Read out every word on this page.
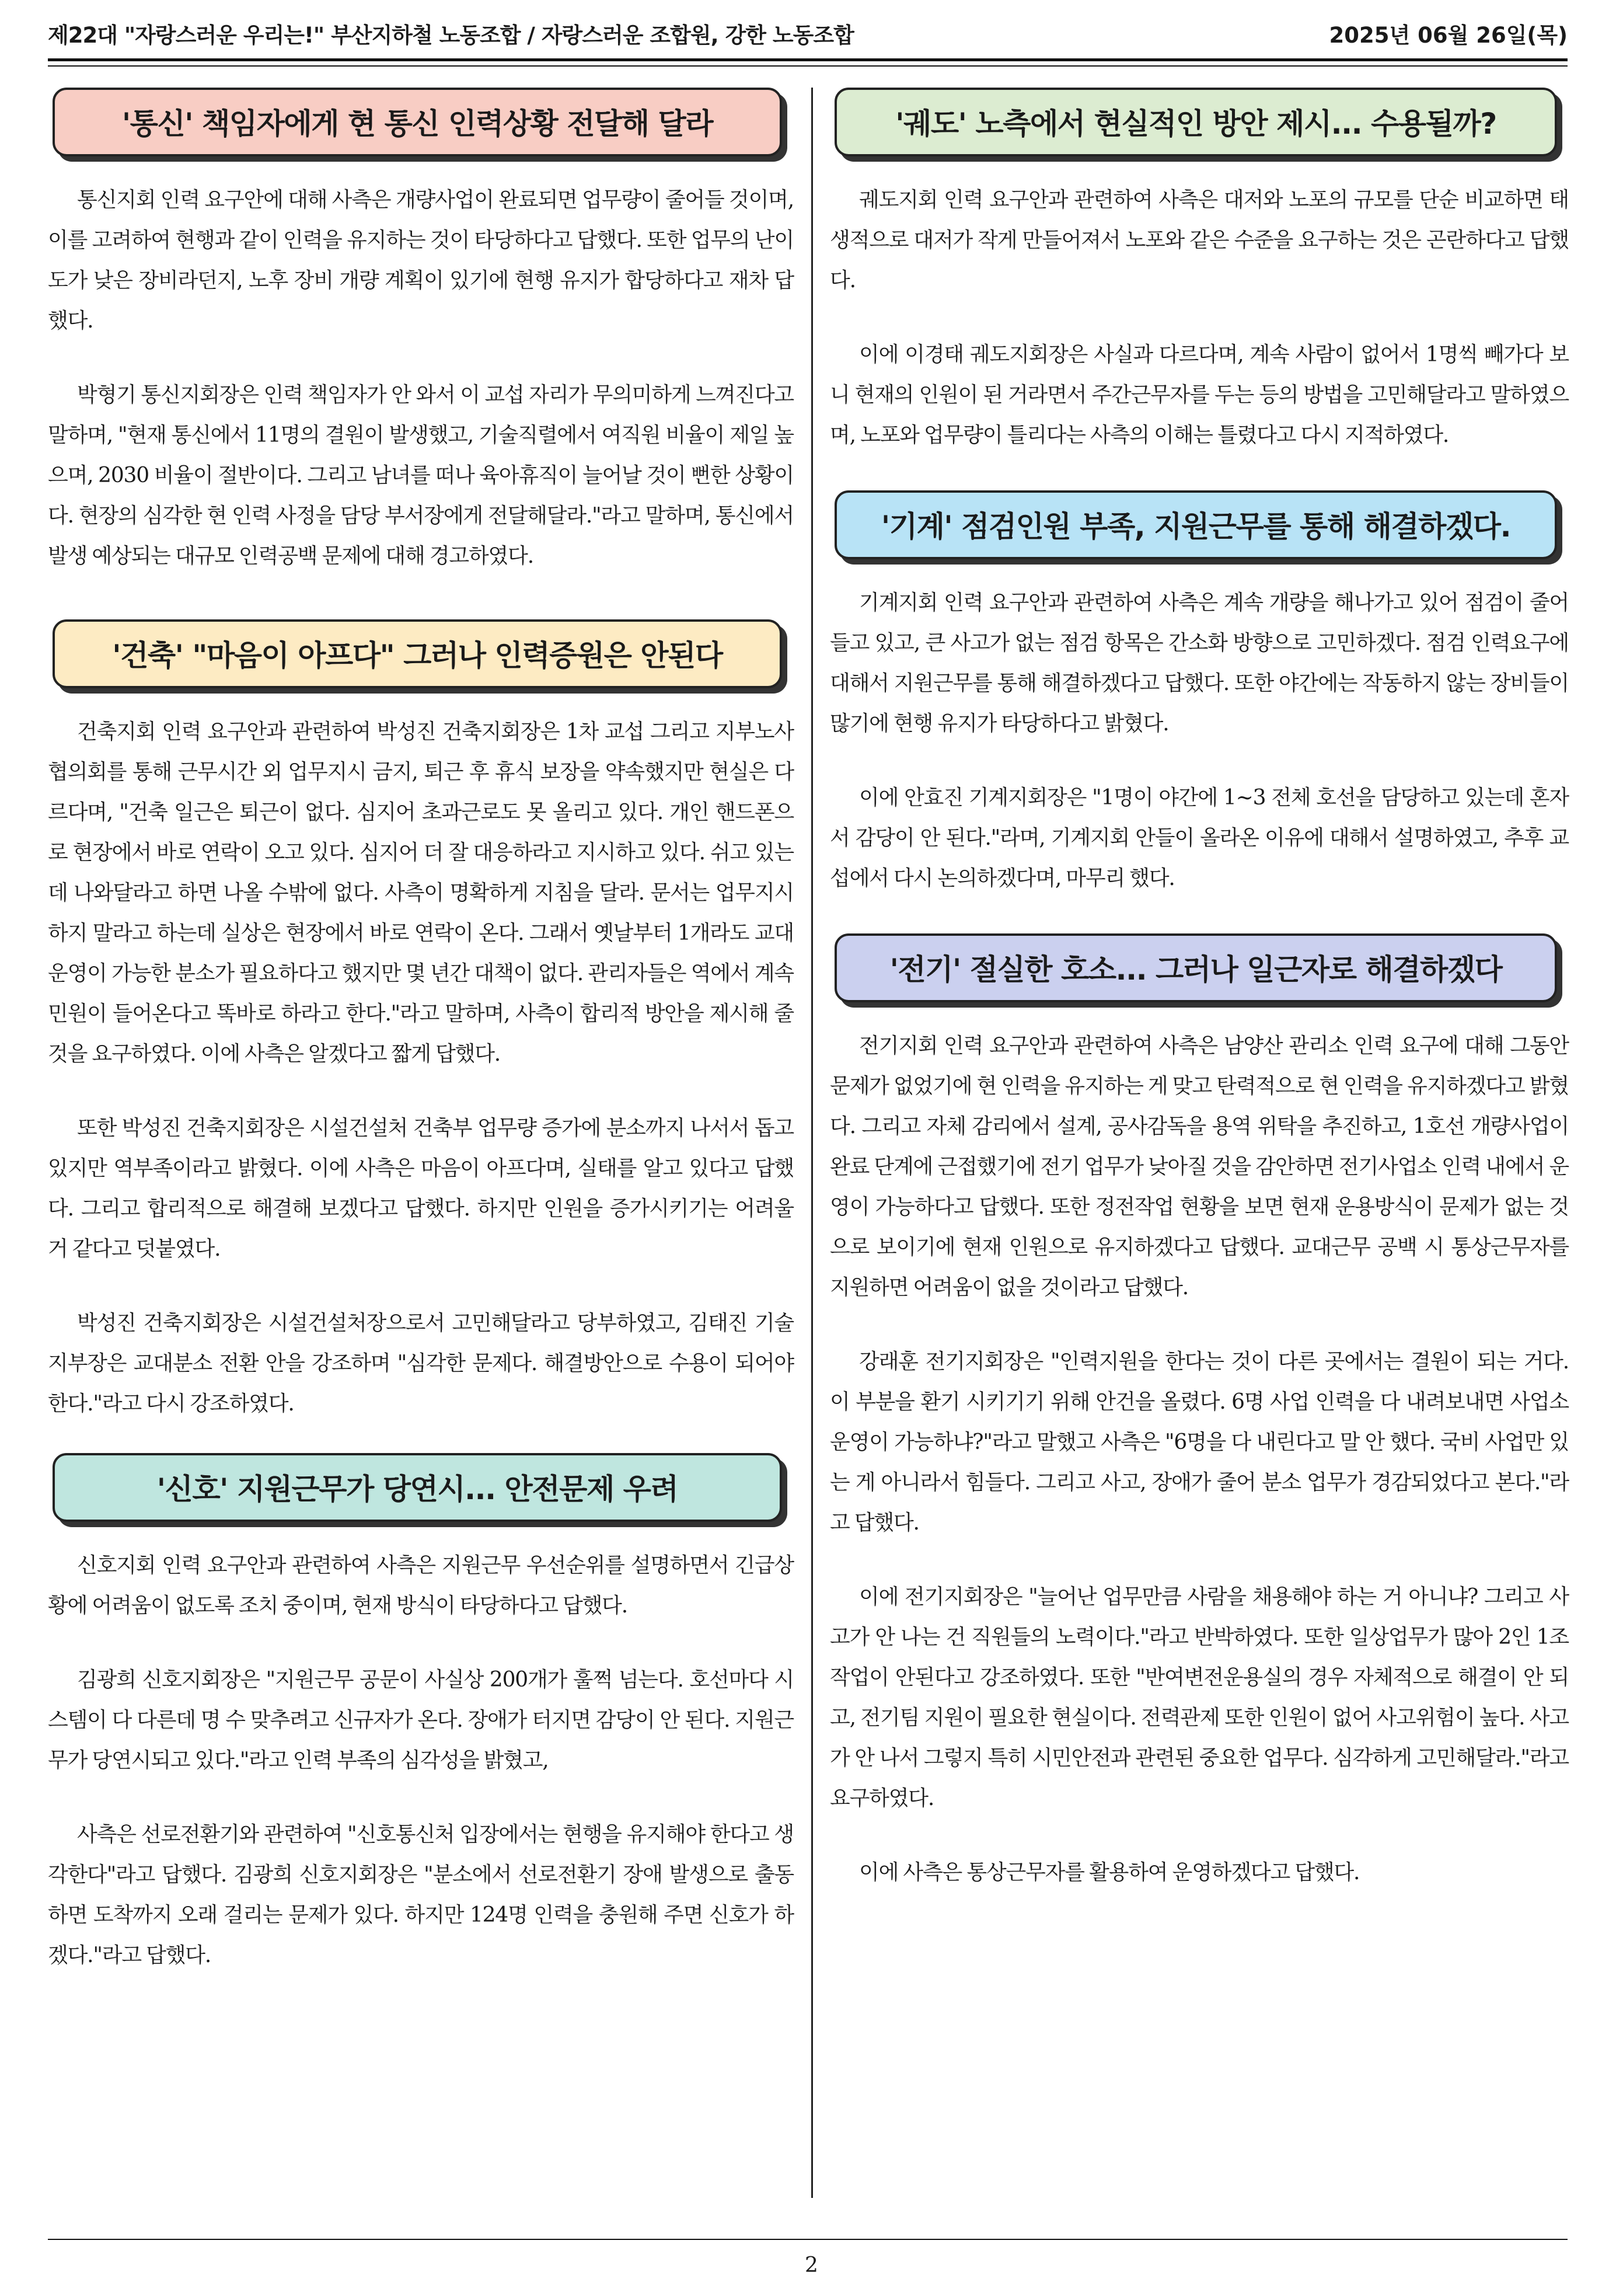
제22대 "자랑스러운 우리는!" 부산지하철 노동조합 / 자랑스러운 조합원, 강한 노동조합	2025년 06월 26일(목)
'통신' 책임자에게 현 통신 인력상황 전달해 달라

통신지회 인력 요구안에 대해 사측은 개량사업이 완료되면 업무량이 줄어들 것이며, 이를 고려하여 현행과 같이 인력을 유지하는 것이 타당하다고 답했다. 또한 업무의 난이도가 낮은 장비라던지, 노후 장비 개량 계획이 있기에 현행 유지가 합당하다고 재차 답했다.

박형기 통신지회장은 인력 책임자가 안 와서 이 교섭 자리가 무의미하게 느껴진다고 말하며, "현재 통신에서 11명의 결원이 발생했고, 기술직렬에서 여직원 비율이 제일 높으며, 2030 비율이 절반이다. 그리고 남녀를 떠나 육아휴직이 늘어날 것이 뻔한 상황이다. 현장의 심각한 현 인력 사정을 담당 부서장에게 전달해달라."라고 말하며, 통신에서 발생 예상되는 대규모 인력공백 문제에 대해 경고하였다.

'건축' "마음이 아프다" 그러나 인력증원은 안된다

건축지회 인력 요구안과 관련하여 박성진 건축지회장은 1차 교섭 그리고 지부노사협의회를 통해 근무시간 외 업무지시 금지, 퇴근 후 휴식 보장을 약속했지만 현실은 다르다며, "건축 일근은 퇴근이 없다. 심지어 초과근로도 못 올리고 있다. 개인 핸드폰으로 현장에서 바로 연락이 오고 있다. 심지어 더 잘 대응하라고 지시하고 있다. 쉬고 있는데 나와달라고 하면 나올 수밖에 없다. 사측이 명확하게 지침을 달라. 문서는 업무지시하지 말라고 하는데 실상은 현장에서 바로 연락이 온다. 그래서 옛날부터 1개라도 교대 운영이 가능한 분소가 필요하다고 했지만 몇 년간 대책이 없다. 관리자들은 역에서 계속 민원이 들어온다고 똑바로 하라고 한다."라고 말하며, 사측이 합리적 방안을 제시해 줄 것을 요구하였다. 이에 사측은 알겠다고 짧게 답했다.

또한 박성진 건축지회장은 시설건설처 건축부 업무량 증가에 분소까지 나서서 돕고 있지만 역부족이라고 밝혔다. 이에 사측은 마음이 아프다며, 실태를 알고 있다고 답했다. 그리고 합리적으로 해결해 보겠다고 답했다. 하지만 인원을 증가시키기는 어려울 거 같다고 덧붙였다.

박성진 건축지회장은 시설건설처장으로서 고민해달라고 당부하였고, 김태진 기술지부장은 교대분소 전환 안을 강조하며 "심각한 문제다. 해결방안으로 수용이 되어야 한다."라고 다시 강조하였다.

'신호' 지원근무가 당연시... 안전문제 우려

신호지회 인력 요구안과 관련하여 사측은 지원근무 우선순위를 설명하면서 긴급상황에 어려움이 없도록 조치 중이며, 현재 방식이 타당하다고 답했다.

김광희 신호지회장은 "지원근무 공문이 사실상 200개가 훌쩍 넘는다. 호선마다 시스템이 다 다른데 명 수 맞추려고 신규자가 온다. 장애가 터지면 감당이 안 된다. 지원근무가 당연시되고 있다."라고 인력 부족의 심각성을 밝혔고,

사측은 선로전환기와 관련하여 "신호통신처 입장에서는 현행을 유지해야 한다고 생각한다"라고 답했다. 김광희 신호지회장은 "분소에서 선로전환기 장애 발생으로 출동하면 도착까지 오래 걸리는 문제가 있다. 하지만 124명 인력을 충원해 주면 신호가 하겠다."라고 답했다.

'궤도' 노측에서 현실적인 방안 제시... 수용될까?

궤도지회 인력 요구안과 관련하여 사측은 대저와 노포의 규모를 단순 비교하면 태생적으로 대저가 작게 만들어져서 노포와 같은 수준을 요구하는 것은 곤란하다고 답했다.

이에 이경태 궤도지회장은 사실과 다르다며, 계속 사람이 없어서 1명씩 빼가다 보니 현재의 인원이 된 거라면서 주간근무자를 두는 등의 방법을 고민해달라고 말하였으며, 노포와 업무량이 틀리다는 사측의 이해는 틀렸다고 다시 지적하였다.

'기계' 점검인원 부족, 지원근무를 통해 해결하겠다.

기계지회 인력 요구안과 관련하여 사측은 계속 개량을 해나가고 있어 점검이 줄어들고 있고, 큰 사고가 없는 점검 항목은 간소화 방향으로 고민하겠다. 점검 인력요구에 대해서 지원근무를 통해 해결하겠다고 답했다. 또한 야간에는 작동하지 않는 장비들이 많기에 현행 유지가 타당하다고 밝혔다.

이에 안효진 기계지회장은 "1명이 야간에 1~3 전체 호선을 담당하고 있는데 혼자서 감당이 안 된다."라며, 기계지회 안들이 올라온 이유에 대해서 설명하였고, 추후 교섭에서 다시 논의하겠다며, 마무리 했다.

'전기' 절실한 호소... 그러나 일근자로 해결하겠다

전기지회 인력 요구안과 관련하여 사측은 남양산 관리소 인력 요구에 대해 그동안 문제가 없었기에 현 인력을 유지하는 게 맞고 탄력적으로 현 인력을 유지하겠다고 밝혔다. 그리고 자체 감리에서 설계, 공사감독을 용역 위탁을 추진하고, 1호선 개량사업이 완료 단계에 근접했기에 전기 업무가 낮아질 것을 감안하면 전기사업소 인력 내에서 운영이 가능하다고 답했다. 또한 정전작업 현황을 보면 현재 운용방식이 문제가 없는 것으로 보이기에 현재 인원으로 유지하겠다고 답했다. 교대근무 공백 시 통상근무자를 지원하면 어려움이 없을 것이라고 답했다.

강래훈 전기지회장은 "인력지원을 한다는 것이 다른 곳에서는 결원이 되는 거다. 이 부분을 환기 시키기기 위해 안건을 올렸다. 6명 사업 인력을 다 내려보내면 사업소 운영이 가능하냐?"라고 말했고 사측은 "6명을 다 내린다고 말 안 했다. 국비 사업만 있는 게 아니라서 힘들다. 그리고 사고, 장애가 줄어 분소 업무가 경감되었다고 본다."라고 답했다.

이에 전기지회장은 "늘어난 업무만큼 사람을 채용해야 하는 거 아니냐? 그리고 사고가 안 나는 건 직원들의 노력이다."라고 반박하였다. 또한 일상업무가 많아 2인 1조 작업이 안된다고 강조하였다. 또한 "반여변전운용실의 경우 자체적으로 해결이 안 되고, 전기팀 지원이 필요한 현실이다. 전력관제 또한 인원이 없어 사고위험이 높다. 사고가 안 나서 그렇지 특히 시민안전과 관련된 중요한 업무다. 심각하게 고민해달라."라고 요구하였다.

이에 사측은 통상근무자를 활용하여 운영하겠다고 답했다.

2
